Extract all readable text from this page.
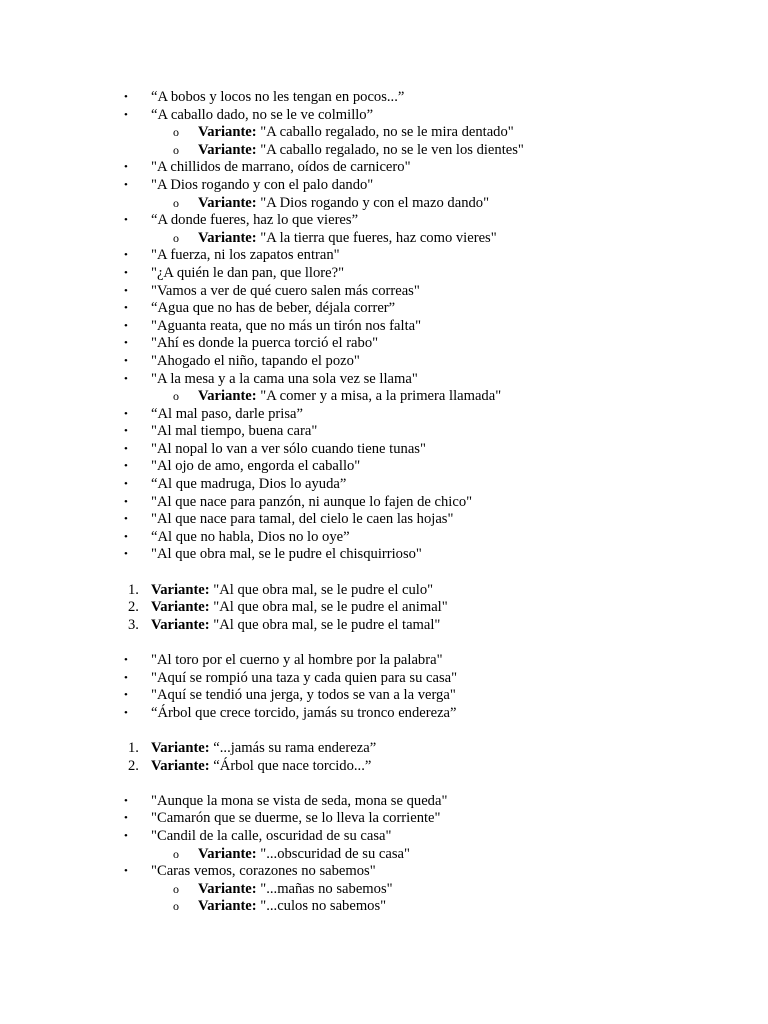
• “A bobos y locos no les tengan en pocos...”
• “A caballo dado, no se le ve colmillo”
o Variante: "A caballo regalado, no se le mira dentado"
o Variante: "A caballo regalado, no se le ven los dientes"
• "A chillidos de marrano, oídos de carnicero"
• "A Dios rogando y con el palo dando"
o Variante: "A Dios rogando y con el mazo dando"
• “A donde fueres, haz lo que vieres”
o Variante: "A la tierra que fueres, haz como vieres"
• "A fuerza, ni los zapatos entran"
• "¿A quién le dan pan, que llore?"
• "Vamos a ver de qué cuero salen más correas"
• “Agua que no has de beber, déjala correr”
• "Aguanta reata, que no más un tirón nos falta"
• "Ahí es donde la puerca torció el rabo"
• "Ahogado el niño, tapando el pozo"
• "A la mesa y a la cama una sola vez se llama"
o Variante: "A comer y a misa, a la primera llamada"
• “Al mal paso, darle prisa”
• "Al mal tiempo, buena cara"
• "Al nopal lo van a ver sólo cuando tiene tunas"
• "Al ojo de amo, engorda el caballo"
• “Al que madruga, Dios lo ayuda”
• "Al que nace para panzón, ni aunque lo fajen de chico"
• "Al que nace para tamal, del cielo le caen las hojas"
• “Al que no habla, Dios no lo oye”
• "Al que obra mal, se le pudre el chisquirrioso"
1. Variante: "Al que obra mal, se le pudre el culo"
2. Variante: "Al que obra mal, se le pudre el animal"
3. Variante: "Al que obra mal, se le pudre el tamal"
• "Al toro por el cuerno y al hombre por la palabra"
• "Aquí se rompió una taza y cada quien para su casa"
• "Aquí se tendió una jerga, y todos se van a la verga"
• “Árbol que crece torcido, jamás su tronco endereza”
1. Variante: “...jamás su rama endereza”
2. Variante: “Árbol que nace torcido...”
• "Aunque la mona se vista de seda, mona se queda"
• "Camarón que se duerme, se lo lleva la corriente"
• "Candil de la calle, oscuridad de su casa"
o Variante: "...obscuridad de su casa"
• "Caras vemos, corazones no sabemos"
o Variante: "...mañas no sabemos"
o Variante: "...culos no sabemos"
